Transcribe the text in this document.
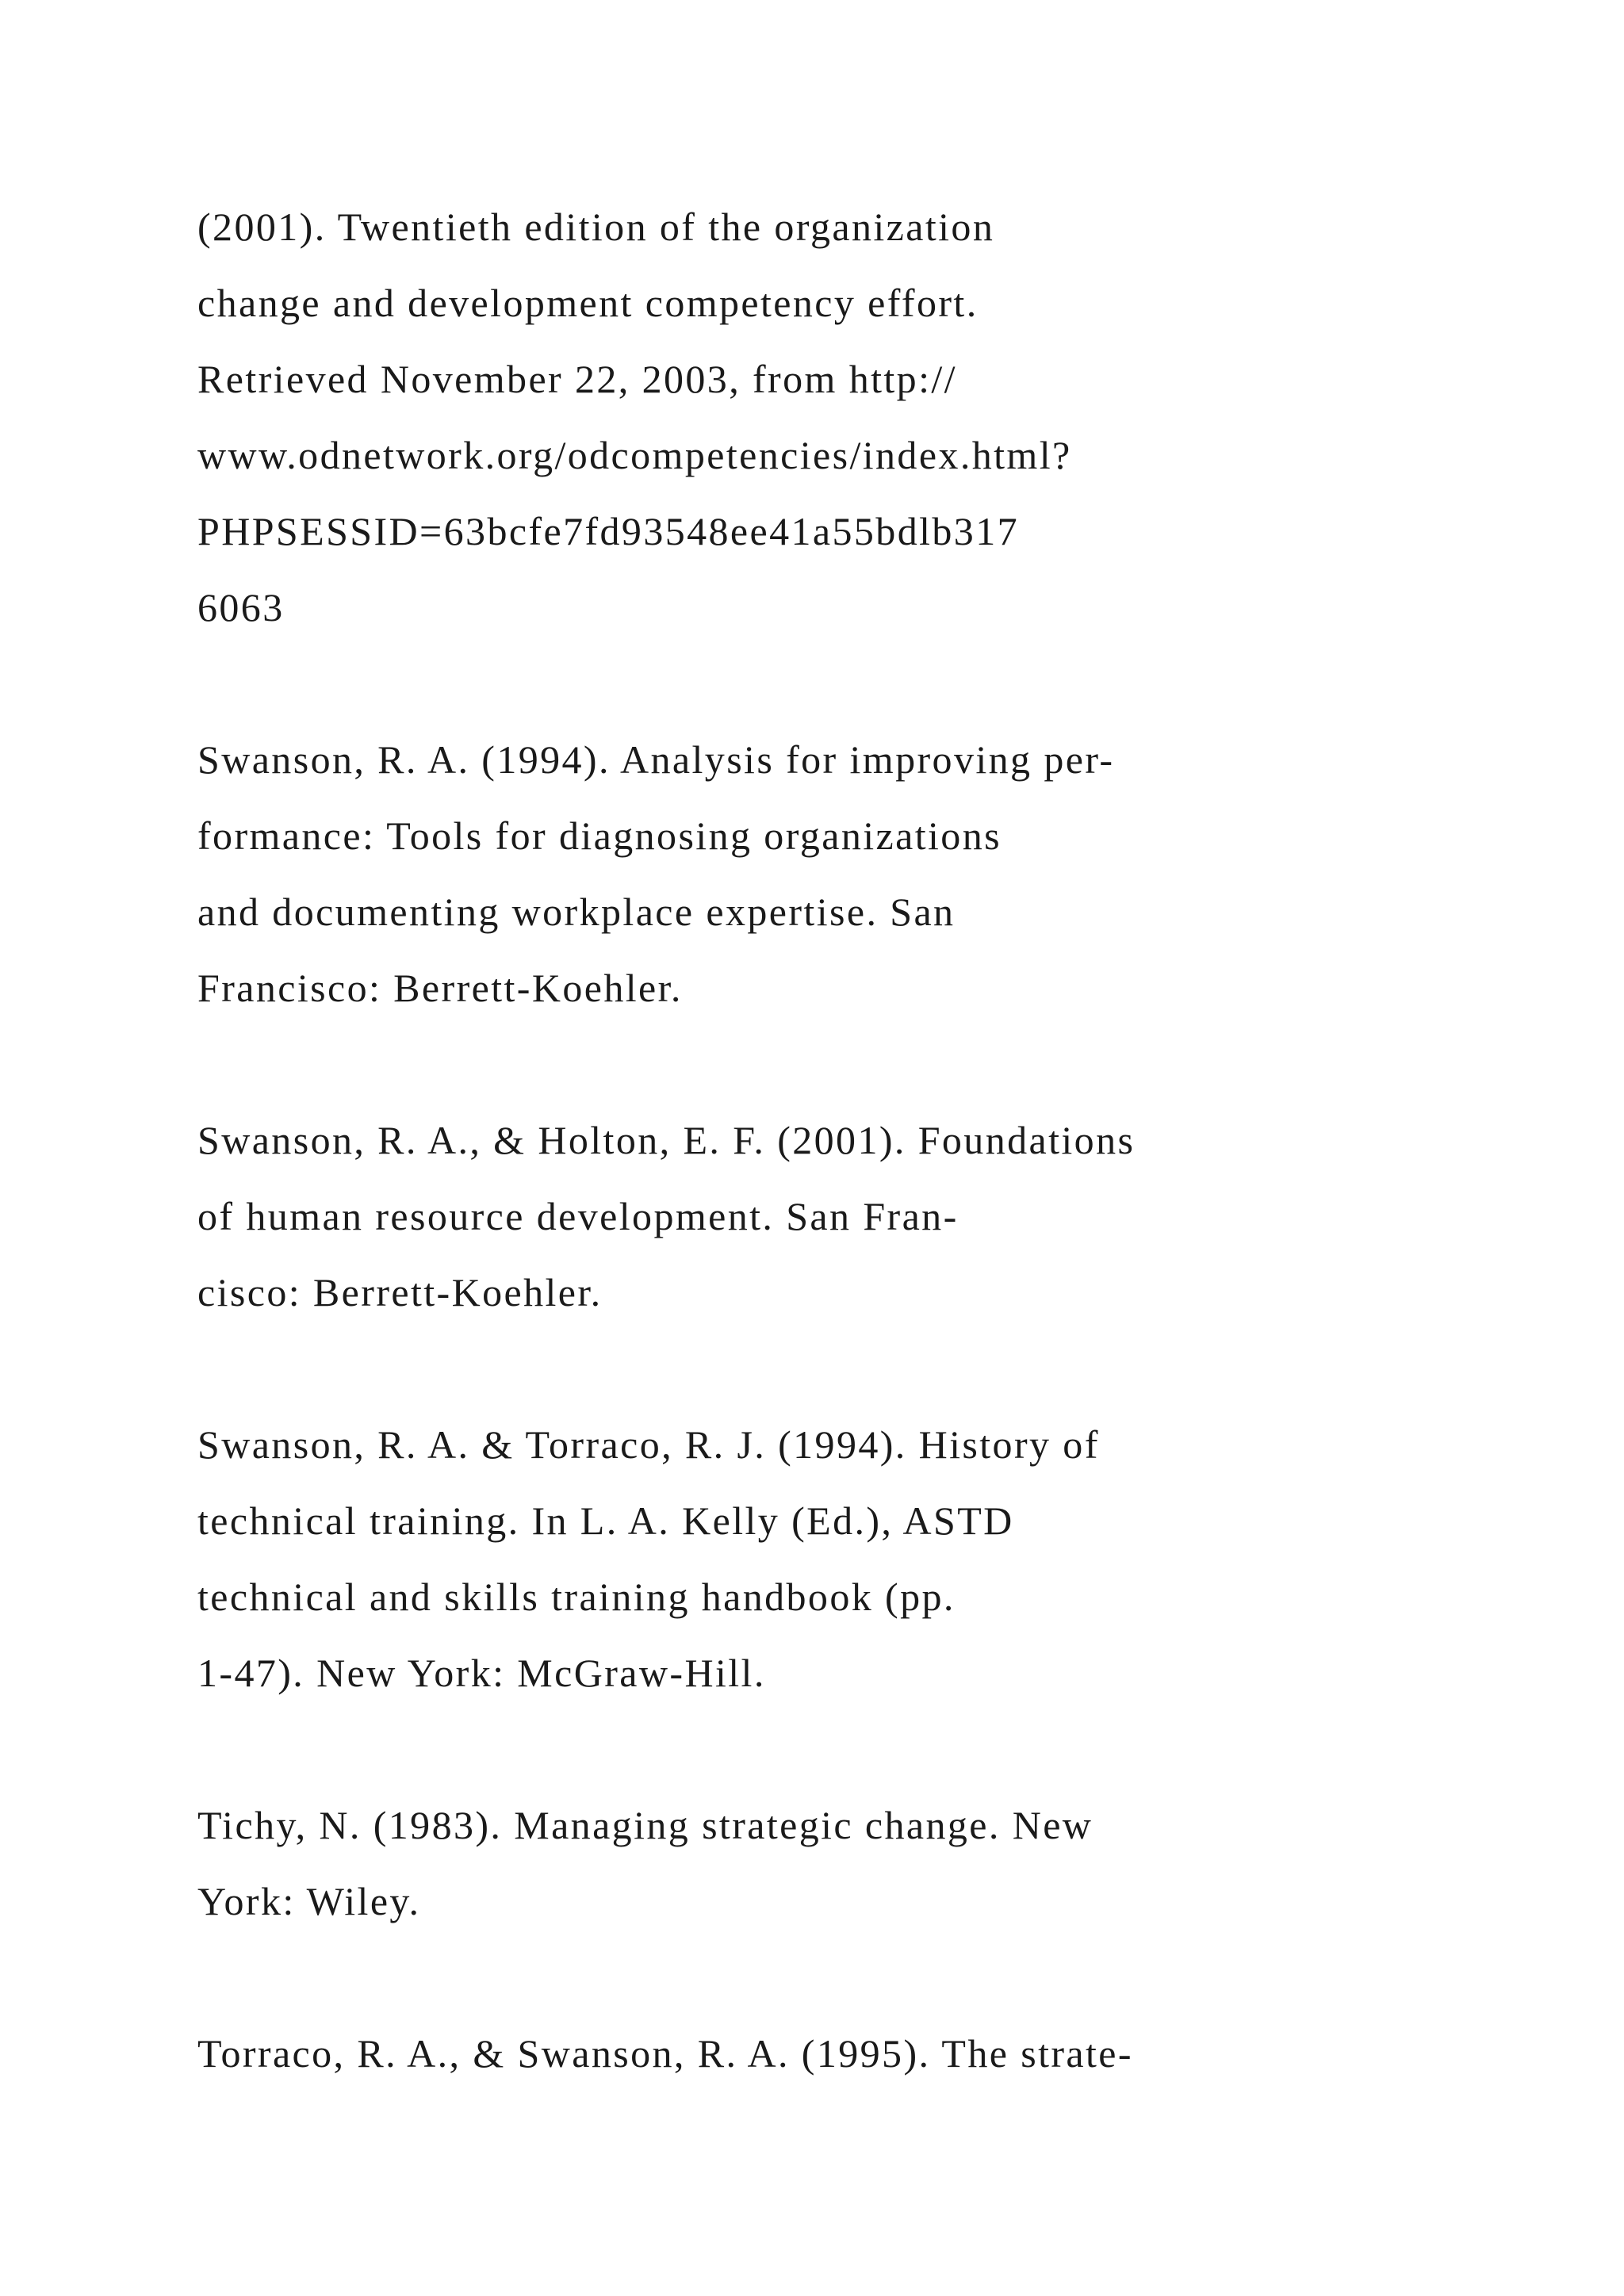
(2001). Twentieth edition of the organization
change and development competency effort.
Retrieved November 22, 2003, from http://
www.odnetwork.org/odcompetencies/index.html?
PHPSESSID=63bcfe7fd93548ee41a55bdlb317
6063
Swanson, R. A. (1994). Analysis for improving per-
formance: Tools for diagnosing organizations
and documenting workplace expertise. San
Francisco: Berrett-Koehler.
Swanson, R. A., & Holton, E. F. (2001). Foundations
of human resource development. San Fran-
cisco: Berrett-Koehler.
Swanson, R. A. & Torraco, R. J. (1994). History of
technical training. In L. A. Kelly (Ed.), ASTD
technical and skills training handbook (pp.
1-47). New York: McGraw-Hill.
Tichy, N. (1983). Managing strategic change. New
York: Wiley.
Torraco, R. A., & Swanson, R. A. (1995). The strate-
